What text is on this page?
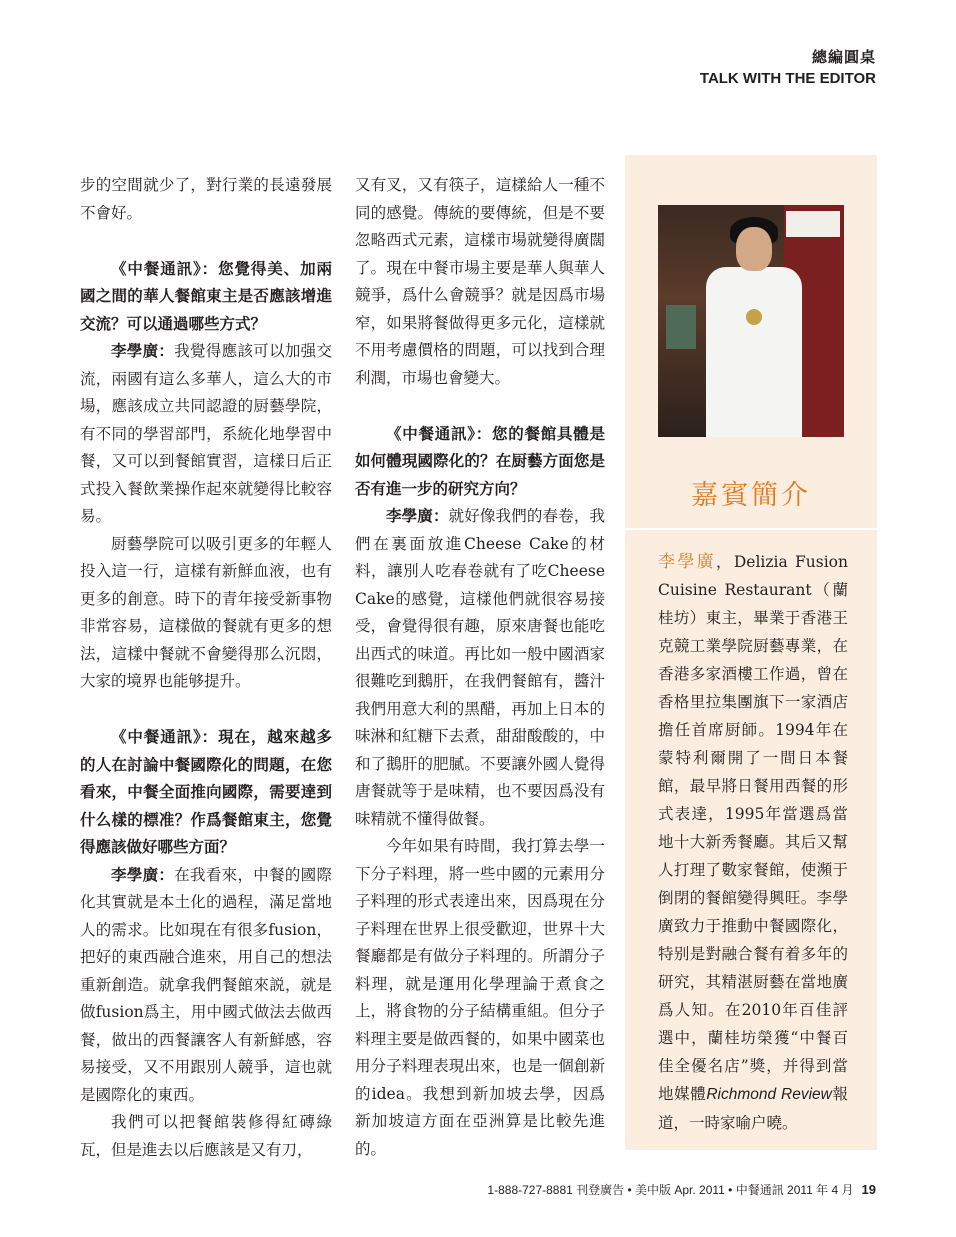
總編圓桌
TALK WITH THE EDITOR

步的空間就少了，對行業的長遠發展不會好。

《中餐通訊》：您覺得美、加兩國之間的華人餐館東主是否應該增進交流？可以通過哪些方式？

李學廣：我覺得應該可以加强交流，兩國有這么多華人，這么大的市場，應該成立共同認證的厨藝學院，有不同的學習部門，系統化地學習中餐，又可以到餐館實習，這樣日后正式投入餐飲業操作起來就變得比較容易。

厨藝學院可以吸引更多的年輕人投入這一行，這樣有新鮮血液，也有更多的創意。時下的青年接受新事物非常容易，這樣做的餐就有更多的想法，這樣中餐就不會變得那么沉悶，大家的境界也能够提升。

《中餐通訊》：現在，越來越多的人在討論中餐國際化的問題，在您看來，中餐全面推向國際，需要達到什么樣的標准？作爲餐館東主，您覺得應該做好哪些方面？

李學廣：在我看來，中餐的國際化其實就是本土化的過程，滿足當地人的需求。比如現在有很多fusion，把好的東西融合進來，用自己的想法重新創造。就拿我們餐館來説，就是做fusion爲主，用中國式做法去做西餐，做出的西餐讓客人有新鮮感，容易接受，又不用跟別人競爭，這也就是國際化的東西。

我們可以把餐館裝修得紅磚綠瓦，但是進去以后應該是又有刀，

又有叉，又有筷子，這樣給人一種不同的感覺。傳統的要傳統，但是不要忽略西式元素，這樣市場就變得廣闊了。現在中餐市場主要是華人與華人競爭，爲什么會競爭？就是因爲市場窄，如果將餐做得更多元化，這樣就不用考慮價格的問題，可以找到合理利潤，市場也會變大。

《中餐通訊》：您的餐館具體是如何體現國際化的？在厨藝方面您是否有進一步的研究方向？

李學廣：就好像我們的春卷，我們在裏面放進Cheese Cake的材料，讓別人吃春卷就有了吃Cheese Cake的感覺，這樣他們就很容易接受，會覺得很有趣，原來唐餐也能吃出西式的味道。再比如一般中國酒家很難吃到鵝肝，在我們餐館有，醬汁我們用意大利的黑醋，再加上日本的味淋和紅糖下去煮，甜甜酸酸的，中和了鵝肝的肥膩。不要讓外國人覺得唐餐就等于是味精，也不要因爲没有味精就不懂得做餐。

今年如果有時間，我打算去學一下分子料理，將一些中國的元素用分子料理的形式表達出來，因爲現在分子料理在世界上很受歡迎，世界十大餐廳都是有做分子料理的。所謂分子料理，就是運用化學理論于煮食之上，將食物的分子結構重組。但分子料理主要是做西餐的，如果中國菜也用分子料理表現出來，也是一個創新的idea。我想到新加坡去學，因爲新加坡這方面在亞洲算是比較先進的。

嘉賓簡介

李學廣，Delizia Fusion Cuisine Restaurant（蘭桂坊）東主，畢業于香港王克競工業學院厨藝專業，在香港多家酒樓工作過，曾在香格里拉集團旗下一家酒店擔任首席厨師。1994年在蒙特利爾開了一間日本餐館，最早將日餐用西餐的形式表達，1995年當選爲當地十大新秀餐廳。其后又幫人打理了數家餐館，使瀕于倒閉的餐館變得興旺。李學廣致力于推動中餐國際化，特别是對融合餐有着多年的研究，其精湛厨藝在當地廣爲人知。在2010年百佳評選中，蘭桂坊榮獲“中餐百佳全優名店”獎，并得到當地媒體Richmond Review報道，一時家喻户曉。

1-888-727-8881 刊登廣告 • 美中版 Apr. 2011 • 中餐通訊 2011 年 4 月 19
